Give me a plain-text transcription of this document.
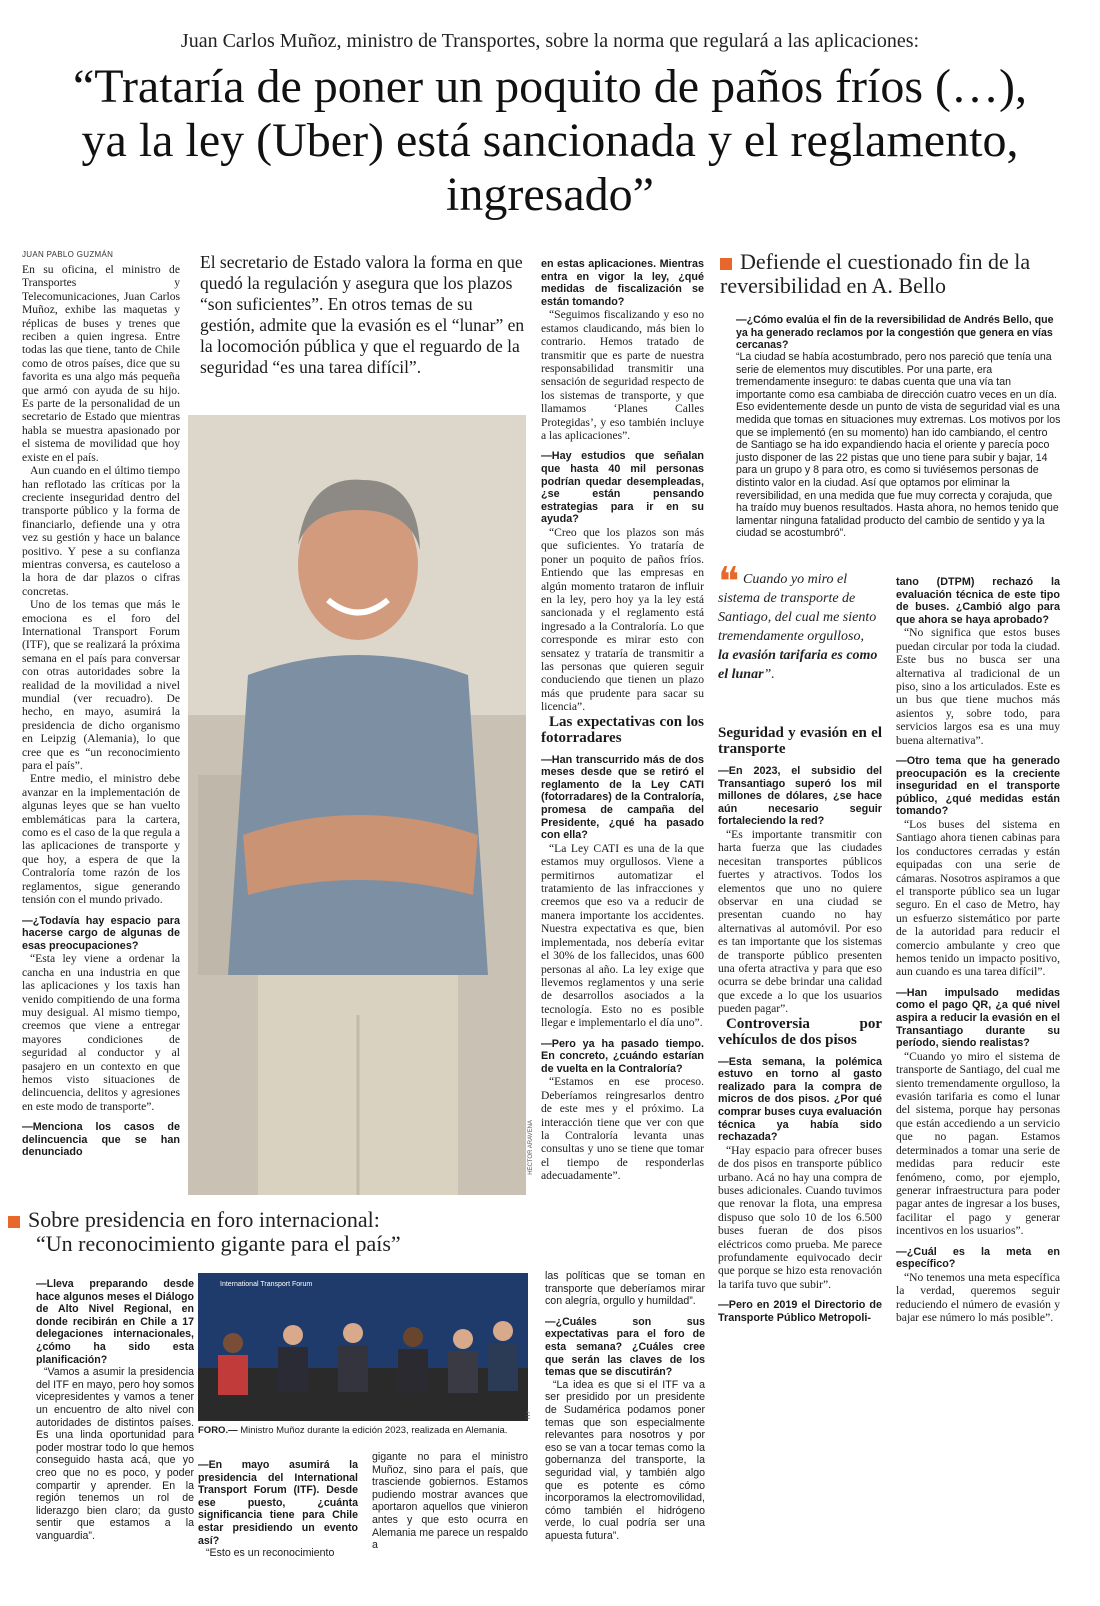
Juan Carlos Muñoz, ministro de Transportes, sobre la norma que regulará a las aplicaciones:
“Trataría de poner un poquito de paños fríos (…), ya la ley (Uber) está sancionada y el reglamento, ingresado”
JUAN PABLO GUZMÁN

En su oficina, el ministro de Transportes y Telecomunicaciones, Juan Carlos Muñoz, exhibe las maquetas y réplicas de buses y trenes que reciben a quien ingresa. Entre todas las que tiene, tanto de Chile como de otros países, dice que su favorita es una algo más pequeña que armó con ayuda de su hijo. Es parte de la personalidad de un secretario de Estado que mientras habla se muestra apasionado por el sistema de movilidad que hoy existe en el país.

Aun cuando en el último tiempo han reflotado las críticas por la creciente inseguridad dentro del transporte público y la forma de financiarlo, defiende una y otra vez su gestión y hace un balance positivo. Y pese a su confianza mientras conversa, es cauteloso a la hora de dar plazos o cifras concretas.

Uno de los temas que más le emociona es el foro del International Transport Forum (ITF), que se realizará la próxima semana en el país para conversar con otras autoridades sobre la realidad de la movilidad a nivel mundial (ver recuadro). De hecho, en mayo, asumirá la presidencia de dicho organismo en Leipzig (Alemania), lo que cree que es “un reconocimiento para el país”.

Entre medio, el ministro debe avanzar en la implementación de algunas leyes que se han vuelto emblemáticas para la cartera, como es el caso de la que regula a las aplicaciones de transporte y que hoy, a espera de que la Contraloría tome razón de los reglamentos, sigue generando tensión con el mundo privado.

—¿Todavía hay espacio para hacerse cargo de algunas de esas preocupaciones?

“Esta ley viene a ordenar la cancha en una industria en que las aplicaciones y los taxis han venido compitiendo de una forma muy desigual. Al mismo tiempo, creemos que viene a entregar mayores condiciones de seguridad al conductor y al pasajero en un contexto en que hemos visto situaciones de delincuencia, delitos y agresiones en este modo de transporte”.

—Menciona los casos de delincuencia que se han denunciado

El secretario de Estado valora la forma en que quedó la regulación y asegura que los plazos “son suficientes”. En otros temas de su gestión, admite que la evasión es el “lunar” en la locomoción pública y que el reguardo de la seguridad “es una tarea difícil”.
HÉCTOR ARAVENA

en estas aplicaciones. Mientras entra en vigor la ley, ¿qué medidas de fiscalización se están tomando?

“Seguimos fiscalizando y eso no estamos claudicando, más bien lo contrario. Hemos tratado de transmitir que es parte de nuestra responsabilidad transmitir una sensación de seguridad respecto de los sistemas de transporte, y que llamamos ‘Planes Calles Protegidas’, y eso también incluye a las aplicaciones”.

—Hay estudios que señalan que hasta 40 mil personas podrían quedar desempleadas, ¿se están pensando estrategias para ir en su ayuda?

“Creo que los plazos son más que suficientes. Yo trataría de poner un poquito de paños fríos. Entiendo que las empresas en algún momento trataron de influir en la ley, pero hoy ya la ley está sancionada y el reglamento está ingresado a la Contraloría. Lo que corresponde es mirar esto con sensatez y trataría de transmitir a las personas que quieren seguir conduciendo que tienen un plazo más que prudente para sacar su licencia”.

Las expectativas con los fotorradares

—Han transcurrido más de dos meses desde que se retiró el reglamento de la Ley CATI (fotorradares) de la Contraloría, promesa de campaña del Presidente, ¿qué ha pasado con ella?

“La Ley CATI es una de la que estamos muy orgullosos. Viene a permitirnos automatizar el tratamiento de las infracciones y creemos que eso va a reducir de manera importante los accidentes. Nuestra expectativa es que, bien implementada, nos debería evitar el 30% de los fallecidos, unas 600 personas al año. La ley exige que llevemos reglamentos y una serie de desarrollos asociados a la tecnología. Esto no es posible llegar e implementarlo el día uno”.

—Pero ya ha pasado tiempo. En concreto, ¿cuándo estarían de vuelta en la Contraloría?

“Estamos en ese proceso. Deberíamos reingresarlos dentro de este mes y el próximo. La interacción tiene que ver con que la Contraloría levanta unas consultas y uno se tiene que tomar el tiempo de responderlas adecuadamente”.

Defiende el cuestionado fin de la reversibilidad en A. Bello
—¿Cómo evalúa el fin de la reversibilidad de Andrés Bello, que ya ha generado reclamos por la congestión que genera en vías cercanas?
“La ciudad se había acostumbrado, pero nos pareció que tenía una serie de elementos muy discutibles. Por una parte, era tremendamente inseguro: te dabas cuenta que una vía tan importante como esa cambiaba de dirección cuatro veces en un día. Eso evidentemente desde un punto de vista de seguridad vial es una medida que tomas en situaciones muy extremas. Los motivos por los que se implementó (en su momento) han ido cambiando, el centro de Santiago se ha ido expandiendo hacia el oriente y parecía poco justo disponer de las 22 pistas que uno tiene para subir y bajar, 14 para un grupo y 8 para otro, es como si tuviésemos personas de distinto valor en la ciudad. Así que optamos por eliminar la reversibilidad, en una medida que fue muy correcta y corajuda, que ha traído muy buenos resultados. Hasta ahora, no hemos tenido que lamentar ninguna fatalidad producto del cambio de sentido y ya la ciudad se acostumbró”.
❝ Cuando yo miro el sistema de transporte de Santiago, del cual me siento tremendamente orgulloso, la evasión tarifaria es como el lunar”.

Seguridad y evasión en el transporte

—En 2023, el subsidio del Transantiago superó los mil millones de dólares, ¿se hace aún necesario seguir fortaleciendo la red?

“Es importante transmitir con harta fuerza que las ciudades necesitan transportes públicos fuertes y atractivos. Todos los elementos que uno no quiere observar en una ciudad se presentan cuando no hay alternativas al automóvil. Por eso es tan importante que los sistemas de transporte público presenten una oferta atractiva y para que eso ocurra se debe brindar una calidad que excede a lo que los usuarios pueden pagar”.

Controversia por vehículos de dos pisos

—Esta semana, la polémica estuvo en torno al gasto realizado para la compra de micros de dos pisos. ¿Por qué comprar buses cuya evaluación técnica ya había sido rechazada?

“Hay espacio para ofrecer buses de dos pisos en transporte público urbano. Acá no hay una compra de buses adicionales. Cuando tuvimos que renovar la flota, una empresa dispuso que solo 10 de los 6.500 buses fueran de dos pisos eléctricos como prueba. Me parece profundamente equivocado decir que porque se hizo esta renovación la tarifa tuvo que subir”.

—Pero en 2019 el Directorio de Transporte Público Metropoli-

tano (DTPM) rechazó la evaluación técnica de este tipo de buses. ¿Cambió algo para que ahora se haya aprobado?

“No significa que estos buses puedan circular por toda la ciudad. Este bus no busca ser una alternativa al tradicional de un piso, sino a los articulados. Este es un bus que tiene muchos más asientos y, sobre todo, para servicios largos esa es una muy buena alternativa”.

—Otro tema que ha generado preocupación es la creciente inseguridad en el transporte público, ¿qué medidas están tomando?

“Los buses del sistema en Santiago ahora tienen cabinas para los conductores cerradas y están equipadas con una serie de cámaras. Nosotros aspiramos a que el transporte público sea un lugar seguro. En el caso de Metro, hay un esfuerzo sistemático por parte de la autoridad para reducir el comercio ambulante y creo que hemos tenido un impacto positivo, aun cuando es una tarea difícil”.

—Han impulsado medidas como el pago QR, ¿a qué nivel aspira a reducir la evasión en el Transantiago durante su período, siendo realistas?

“Cuando yo miro el sistema de transporte de Santiago, del cual me siento tremendamente orgulloso, la evasión tarifaria es como el lunar del sistema, porque hay personas que están accediendo a un servicio que no pagan. Estamos determinados a tomar una serie de medidas para reducir este fenómeno, como, por ejemplo, generar infraestructura para poder pagar antes de ingresar a los buses, facilitar el pago y generar incentivos en los usuarios”.

—¿Cuál es la meta en específico?

“No tenemos una meta específica la verdad, queremos seguir reduciendo el número de evasión y bajar ese número lo más posible”.

Sobre presidencia en foro internacional:
“Un reconocimiento gigante para el país”

—Lleva preparando desde hace algunos meses el Diálogo de Alto Nivel Regional, en donde recibirán en Chile a 17 delegaciones internacionales, ¿cómo ha sido esta planificación?

“Vamos a asumir la presidencia del ITF en mayo, pero hoy somos vicepresidentes y vamos a tener un encuentro de alto nivel con autoridades de distintos países. Es una linda oportunidad para poder mostrar todo lo que hemos conseguido hasta acá, que yo creo que no es poco, y poder compartir y aprender. En la región tenemos un rol de liderazgo bien claro; da gusto sentir que estamos a la vanguardia”.

International Transport Forum
ITF
FORO.— Ministro Muñoz durante la edición 2023, realizada en Alemania.

—En mayo asumirá la presidencia del International Transport Forum (ITF). Desde ese puesto, ¿cuánta significancia tiene para Chile estar presidiendo un evento así?

“Esto es un reconocimiento

gigante no para el ministro Muñoz, sino para el país, que trasciende gobiernos. Estamos pudiendo mostrar avances que aportaron aquellos que vinieron antes y que esto ocurra en Alemania me parece un respaldo a

las políticas que se toman en transporte que deberíamos mirar con alegría, orgullo y humildad”.

—¿Cuáles son sus expectativas para el foro de esta semana? ¿Cuáles cree que serán las claves de los temas que se discutirán?

“La idea es que si el ITF va a ser presidido por un presidente de Sudamérica podamos poner temas que son especialmente relevantes para nosotros y por eso se van a tocar temas como la gobernanza del transporte, la seguridad vial, y también algo que es potente es cómo incorporamos la electromovilidad, cómo también el hidrógeno verde, lo cual podría ser una apuesta futura”.
